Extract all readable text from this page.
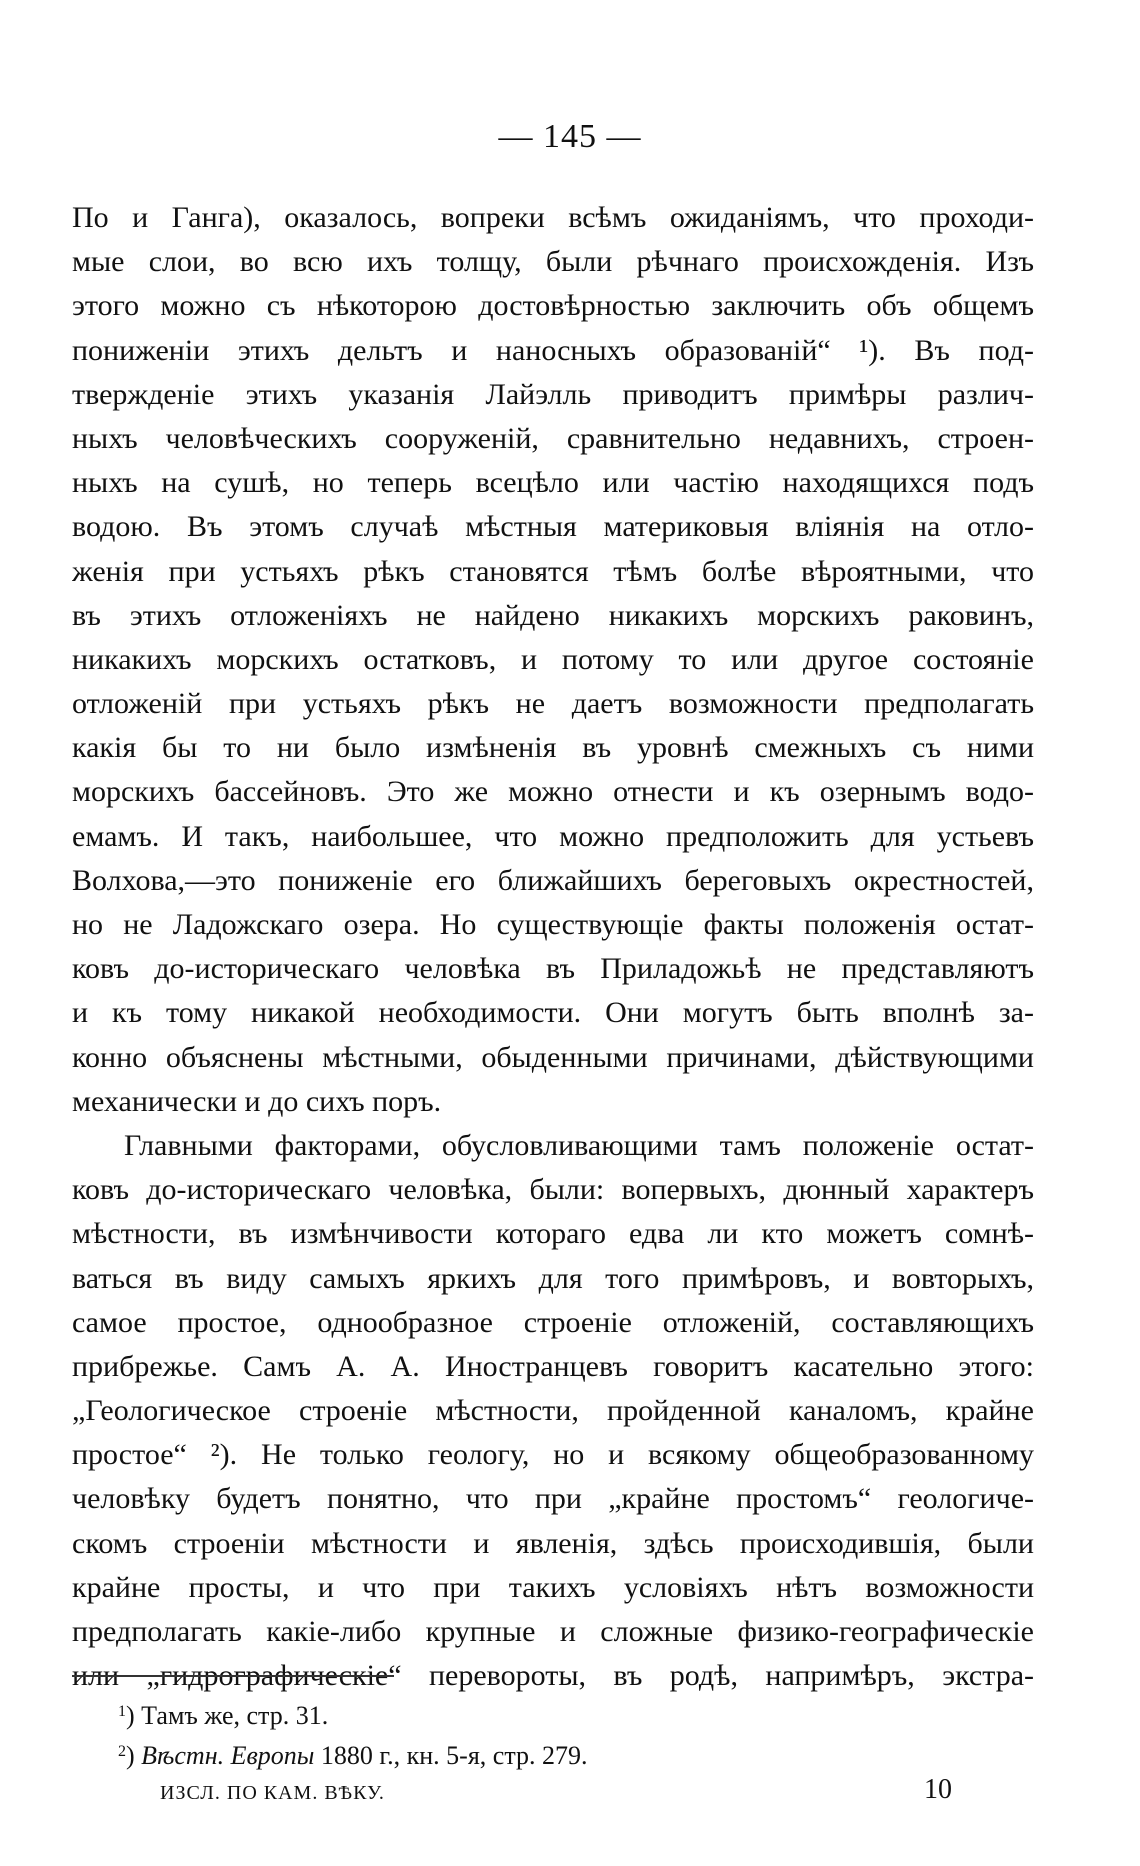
— 145 —
По и Ганга), оказалось, вопреки всѣмъ ожиданіямъ, что проходи-
мые слои, во всю ихъ толщу, были рѣчнаго происхожденія. Изъ
этого можно съ нѣкоторою достовѣрностью заключить объ общемъ
пониженіи этихъ дельтъ и наносныхъ образованій“ ¹). Въ под-
твержденіе этихъ указанія Лайэлль приводитъ примѣры различ-
ныхъ человѣческихъ сооруженій, сравнительно недавнихъ, строен-
ныхъ на сушѣ, но теперь всецѣло или частію находящихся подъ
водою. Въ этомъ случаѣ мѣстныя материковыя вліянія на отло-
женія при устьяхъ рѣкъ становятся тѣмъ болѣе вѣроятными, что
въ этихъ отложеніяхъ не найдено никакихъ морскихъ раковинъ,
никакихъ морскихъ остатковъ, и потому то или другое состояніе
отложеній при устьяхъ рѣкъ не даетъ возможности предполагать
какія бы то ни было измѣненія въ уровнѣ смежныхъ съ ними
морскихъ бассейновъ. Это же можно отнести и къ озернымъ водо-
емамъ. И такъ, наибольшее, что можно предположить для устьевъ
Волхова,—это пониженіе его ближайшихъ береговыхъ окрестностей,
но не Ладожскаго озера. Но существующіе факты положенія остат-
ковъ до-историческаго человѣка въ Приладожьѣ не представляютъ
и къ тому никакой необходимости. Они могутъ быть вполнѣ за-
конно объяснены мѣстными, обыденными причинами, дѣйствующими
механически и до сихъ поръ.
Главными факторами, обусловливающими тамъ положеніе остат-
ковъ до-историческаго человѣка, были: вопервыхъ, дюнный характеръ
мѣстности, въ измѣнчивости котораго едва ли кто можетъ сомнѣ-
ваться въ виду самыхъ яркихъ для того примѣровъ, и вовторыхъ,
самое простое, однообразное строеніе отложеній, составляющихъ
прибрежье. Самъ А. А. Иностранцевъ говоритъ касательно этого:
„Геологическое строеніе мѣстности, пройденной каналомъ, крайне
простое“ ²). Не только геологу, но и всякому общеобразованному
человѣку будетъ понятно, что при „крайне простомъ“ геологиче-
скомъ строеніи мѣстности и явленія, здѣсь происходившія, были
крайне просты, и что при такихъ условіяхъ нѣтъ возможности
предполагать какіе-либо крупные и сложные физико-географическіе
или „гидрографическіе“ перевороты, въ родѣ, напримѣръ, экстра-
$^1$) Тамъ же, стр. 31.
$^2$) Вѣстн. Европы 1880 г., кн. 5-я, стр. 279.
ИЗСЛ. ПО КАМ. ВѢКУ.	10
